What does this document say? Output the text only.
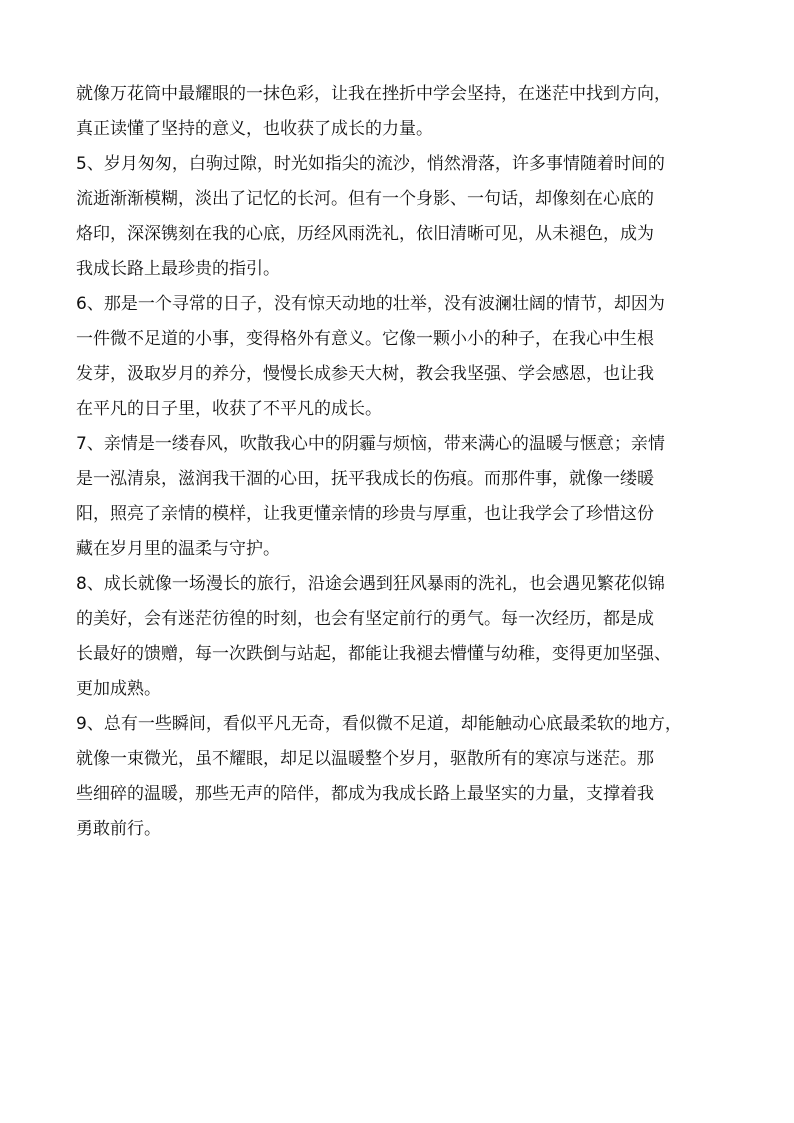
就像万花筒中最耀眼的一抹色彩，让我在挫折中学会坚持，在迷茫中找到方向，
真正读懂了坚持的意义，也收获了成长的力量。
5、岁月匆匆，白驹过隙，时光如指尖的流沙，悄然滑落，许多事情随着时间的
流逝渐渐模糊，淡出了记忆的长河。但有一个身影、一句话，却像刻在心底的
烙印，深深镌刻在我的心底，历经风雨洗礼，依旧清晰可见，从未褪色，成为
我成长路上最珍贵的指引。
6、那是一个寻常的日子，没有惊天动地的壮举，没有波澜壮阔的情节，却因为
一件微不足道的小事，变得格外有意义。它像一颗小小的种子，在我心中生根
发芽，汲取岁月的养分，慢慢长成参天大树，教会我坚强、学会感恩，也让我
在平凡的日子里，收获了不平凡的成长。
7、亲情是一缕春风，吹散我心中的阴霾与烦恼，带来满心的温暖与惬意；亲情
是一泓清泉，滋润我干涸的心田，抚平我成长的伤痕。而那件事，就像一缕暖
阳，照亮了亲情的模样，让我更懂亲情的珍贵与厚重，也让我学会了珍惜这份
藏在岁月里的温柔与守护。
8、成长就像一场漫长的旅行，沿途会遇到狂风暴雨的洗礼，也会遇见繁花似锦
的美好，会有迷茫彷徨的时刻，也会有坚定前行的勇气。每一次经历，都是成
长最好的馈赠，每一次跌倒与站起，都能让我褪去懵懂与幼稚，变得更加坚强、
更加成熟。
9、总有一些瞬间，看似平凡无奇，看似微不足道，却能触动心底最柔软的地方，
就像一束微光，虽不耀眼，却足以温暖整个岁月，驱散所有的寒凉与迷茫。那
些细碎的温暖，那些无声的陪伴，都成为我成长路上最坚实的力量，支撑着我
勇敢前行。
